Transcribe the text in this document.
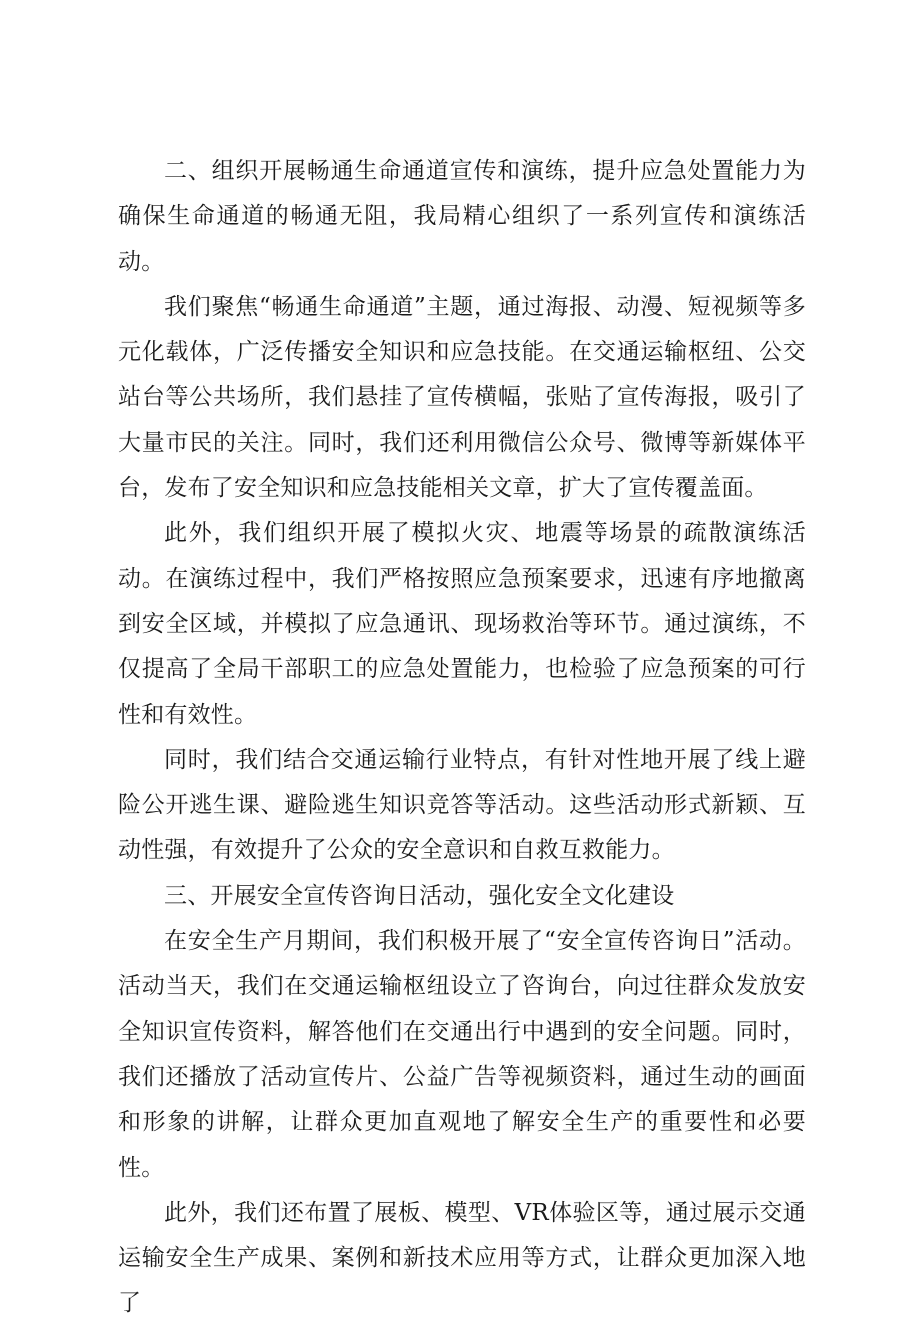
二、组织开展畅通生命通道宣传和演练，提升应急处置能力为确保生命通道的畅通无阻，我局精心组织了一系列宣传和演练活动。

我们聚焦“畅通生命通道”主题，通过海报、动漫、短视频等多元化载体，广泛传播安全知识和应急技能。在交通运输枢纽、公交站台等公共场所，我们悬挂了宣传横幅，张贴了宣传海报，吸引了大量市民的关注。同时，我们还利用微信公众号、微博等新媒体平台，发布了安全知识和应急技能相关文章，扩大了宣传覆盖面。

此外，我们组织开展了模拟火灾、地震等场景的疏散演练活动。在演练过程中，我们严格按照应急预案要求，迅速有序地撤离到安全区域，并模拟了应急通讯、现场救治等环节。通过演练，不仅提高了全局干部职工的应急处置能力，也检验了应急预案的可行性和有效性。

同时，我们结合交通运输行业特点，有针对性地开展了线上避险公开逃生课、避险逃生知识竞答等活动。这些活动形式新颖、互动性强，有效提升了公众的安全意识和自救互救能力。

三、开展安全宣传咨询日活动，强化安全文化建设

在安全生产月期间，我们积极开展了“安全宣传咨询日”活动。活动当天，我们在交通运输枢纽设立了咨询台，向过往群众发放安全知识宣传资料，解答他们在交通出行中遇到的安全问题。同时，我们还播放了活动宣传片、公益广告等视频资料，通过生动的画面和形象的讲解，让群众更加直观地了解安全生产的重要性和必要性。

此外，我们还布置了展板、模型、VR体验区等，通过展示交通运输安全生产成果、案例和新技术应用等方式，让群众更加深入地了
